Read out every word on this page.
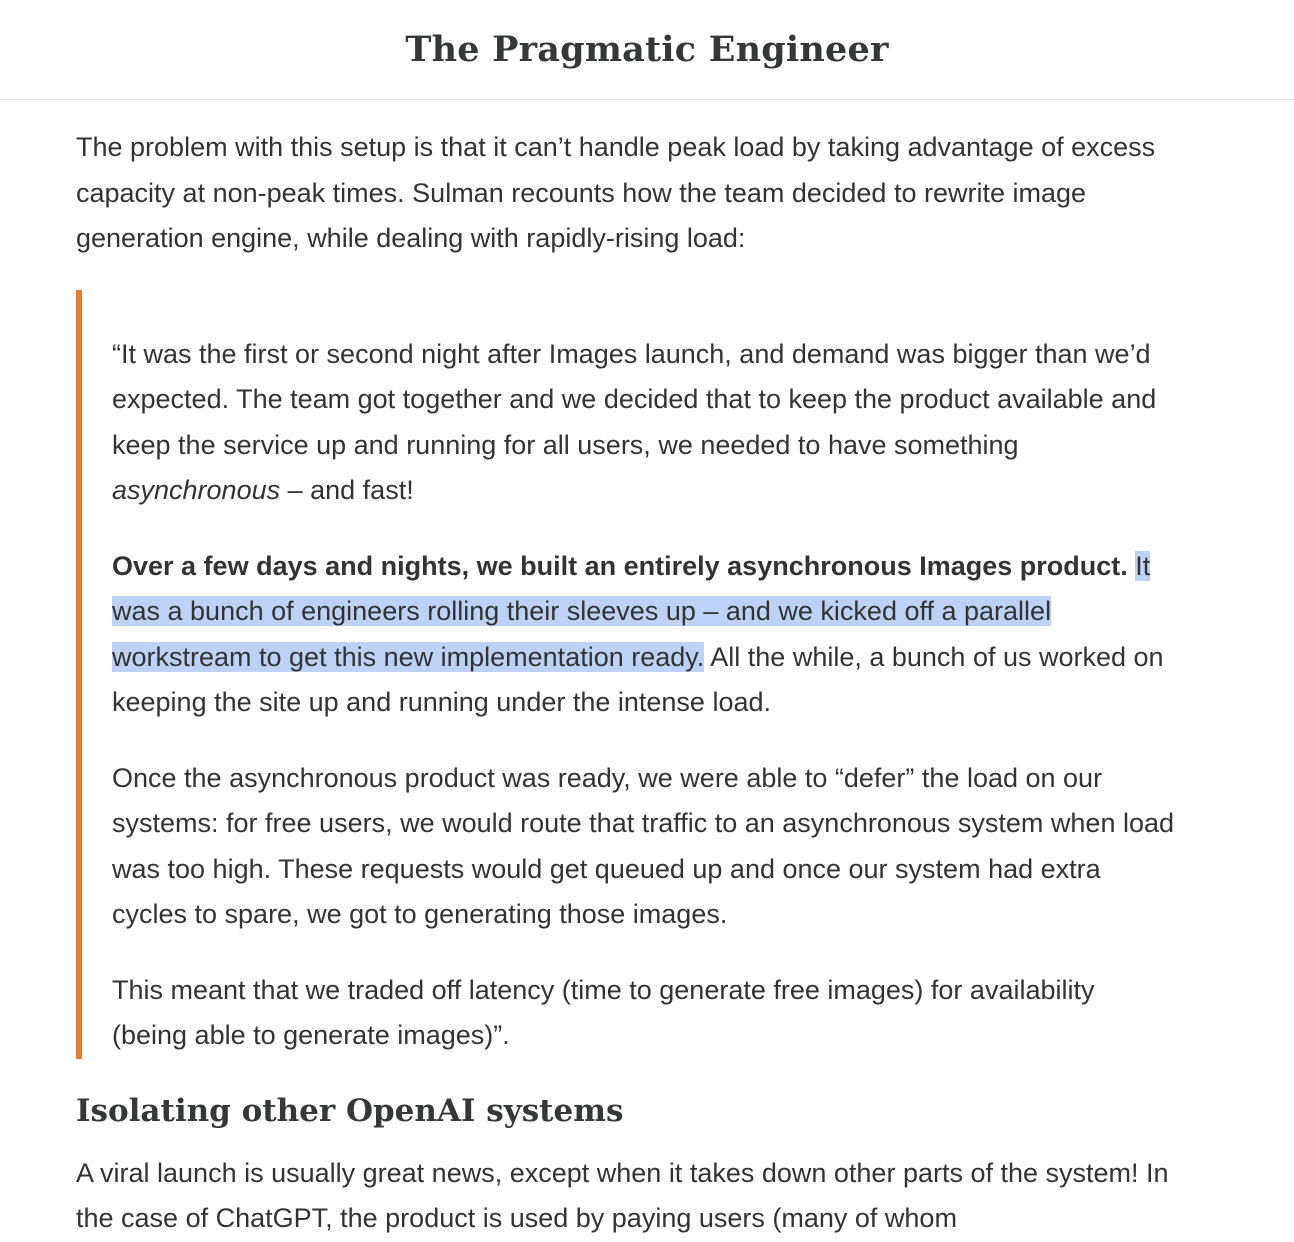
The Pragmatic Engineer

The problem with this setup is that it can’t handle peak load by taking advantage of excess capacity at non-peak times. Sulman recounts how the team decided to rewrite image generation engine, while dealing with rapidly-rising load:

“It was the first or second night after Images launch, and demand was bigger than we’d expected. The team got together and we decided that to keep the product available and keep the service up and running for all users, we needed to have something asynchronous – and fast!

Over a few days and nights, we built an entirely asynchronous Images product. It was a bunch of engineers rolling their sleeves up – and we kicked off a parallel workstream to get this new implementation ready. All the while, a bunch of us worked on keeping the site up and running under the intense load.

Once the asynchronous product was ready, we were able to “defer” the load on our systems: for free users, we would route that traffic to an asynchronous system when load was too high. These requests would get queued up and once our system had extra cycles to spare, we got to generating those images.

This meant that we traded off latency (time to generate free images) for availability (being able to generate images)”.

Isolating other OpenAI systems

A viral launch is usually great news, except when it takes down other parts of the system! In the case of ChatGPT, the product is used by paying users (many of whom
